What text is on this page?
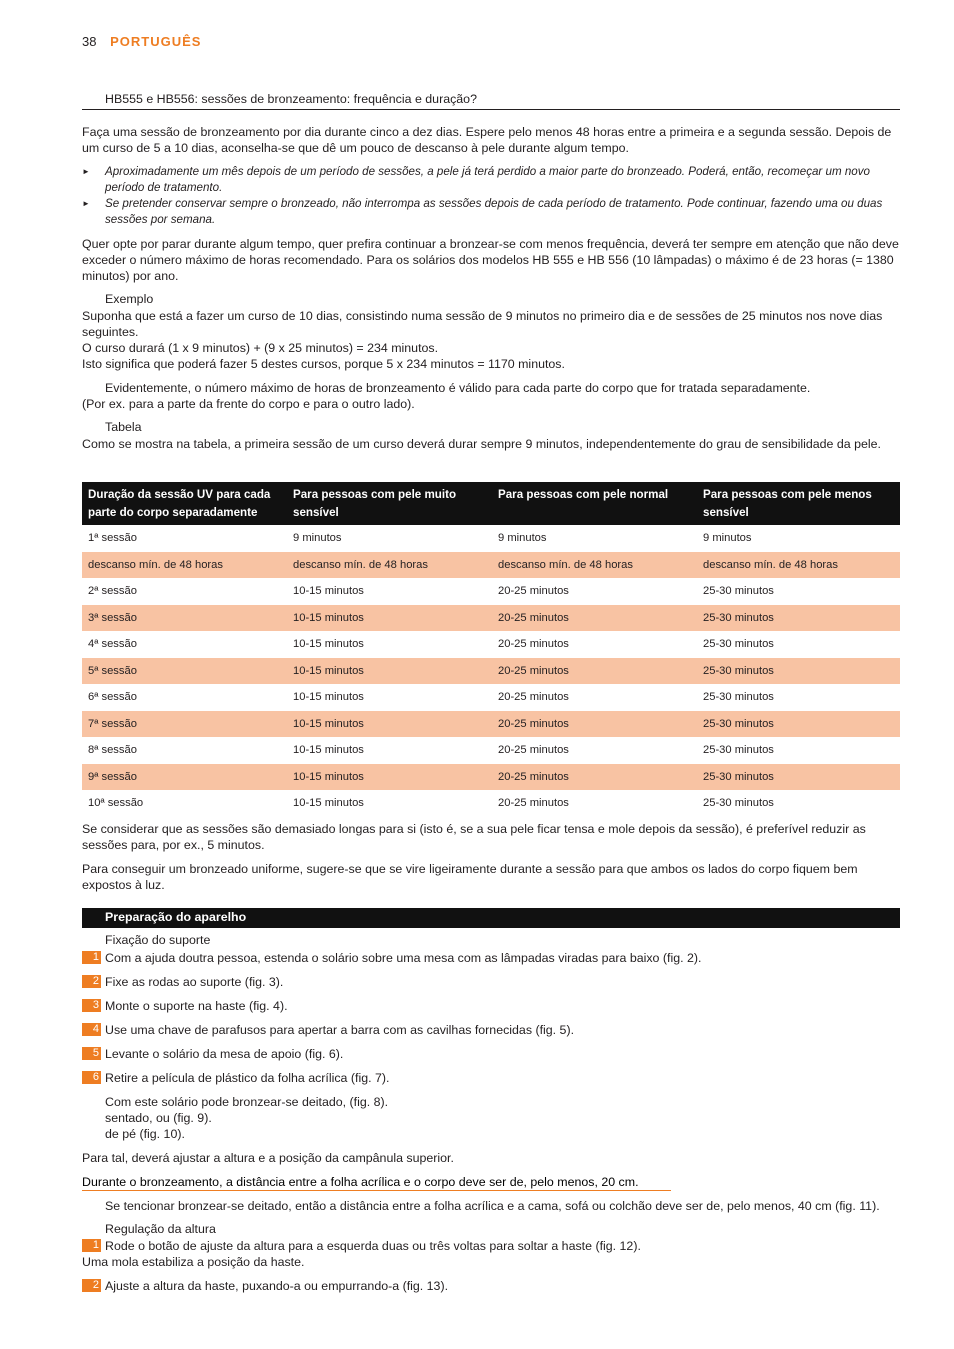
38 PORTUGUÊS
HB555 e HB556: sessões de bronzeamento: frequência e duração?

Faça uma sessão de bronzeamento por dia durante cinco a dez dias. Espere pelo menos 48 horas entre a primeira e a segunda sessão. Depois de um curso de 5 a 10 dias, aconselha-se que dê um pouco de descanso à pele durante algum tempo.

►	Aproximadamente um mês depois de um período de sessões, a pele já terá perdido a maior parte do bronzeado. Poderá, então, recomeçar um novo período de tratamento.

►	Se pretender conservar sempre o bronzeado, não interrompa as sessões depois de cada período de tratamento. Pode continuar, fazendo uma ou duas sessões por semana.

Quer opte por parar durante algum tempo, quer prefira continuar a bronzear-se com menos frequência, deverá ter sempre em atenção que não deve exceder o número máximo de horas recomendado. Para os solários dos modelos HB 555 e HB 556 (10 lâmpadas) o máximo é de 23 horas (= 1380 minutos) por ano.

Exemplo

Suponha que está a fazer um curso de 10 dias, consistindo numa sessão de 9 minutos no primeiro dia e de sessões de 25 minutos nos nove dias seguintes.

O curso durará (1 x 9 minutos) + (9 x 25 minutos) = 234 minutos.

Isto significa que poderá fazer 5 destes cursos, porque 5 x 234 minutos = 1170 minutos.

Evidentemente, o número máximo de horas de bronzeamento é válido para cada parte do corpo que for tratada separadamente.

(Por ex. para a parte da frente do corpo e para o outro lado).

Tabela

Como se mostra na tabela, a primeira sessão de um curso deverá durar sempre 9 minutos, independentemente do grau de sensibilidade da pele.

Duração da sessão UV para cada parte do corpo separadamente	Para pessoas com pele muito sensível	Para pessoas com pele normal	Para pessoas com pele menos sensível
1ª sessão	9 minutos	9 minutos	9 minutos
descanso mín. de 48 horas	descanso mín. de 48 horas	descanso mín. de 48 horas	descanso mín. de 48 horas
2ª sessão	10-15 minutos	20-25 minutos	25-30 minutos
3ª sessão	10-15 minutos	20-25 minutos	25-30 minutos
4ª sessão	10-15 minutos	20-25 minutos	25-30 minutos
5ª sessão	10-15 minutos	20-25 minutos	25-30 minutos
6ª sessão	10-15 minutos	20-25 minutos	25-30 minutos
7ª sessão	10-15 minutos	20-25 minutos	25-30 minutos
8ª sessão	10-15 minutos	20-25 minutos	25-30 minutos
9ª sessão	10-15 minutos	20-25 minutos	25-30 minutos
10ª sessão	10-15 minutos	20-25 minutos	25-30 minutos

Se considerar que as sessões são demasiado longas para si (isto é, se a sua pele ficar tensa e mole depois da sessão), é preferível reduzir as sessões para, por ex., 5 minutos.

Para conseguir um bronzeado uniforme, sugere-se que se vire ligeiramente durante a sessão para que ambos os lados do corpo fiquem bem expostos à luz.

Preparação do aparelho
Fixação do suporte
1 Com a ajuda doutra pessoa, estenda o solário sobre uma mesa com as lâmpadas viradas para baixo (fig. 2).
2 Fixe as rodas ao suporte (fig. 3).
3 Monte o suporte na haste (fig. 4).
4 Use uma chave de parafusos para apertar a barra com as cavilhas fornecidas (fig. 5).
5 Levante o solário da mesa de apoio (fig. 6).
6 Retire a película de plástico da folha acrílica (fig. 7).

Com este solário pode bronzear-se deitado, (fig. 8).

sentado, ou (fig. 9).

de pé (fig. 10).

Para tal, deverá ajustar a altura e a posição da campânula superior.

Durante o bronzeamento, a distância entre a folha acrílica e o corpo deve ser de, pelo menos, 20 cm.

Se tencionar bronzear-se deitado, então a distância entre a folha acrílica e a cama, sofá ou colchão deve ser de, pelo menos, 40 cm (fig. 11).

Regulação da altura
1 Rode o botão de ajuste da altura para a esquerda duas ou três voltas para soltar a haste (fig. 12).

Uma mola estabiliza a posição da haste.

2 Ajuste a altura da haste, puxando-a ou empurrando-a (fig. 13).
